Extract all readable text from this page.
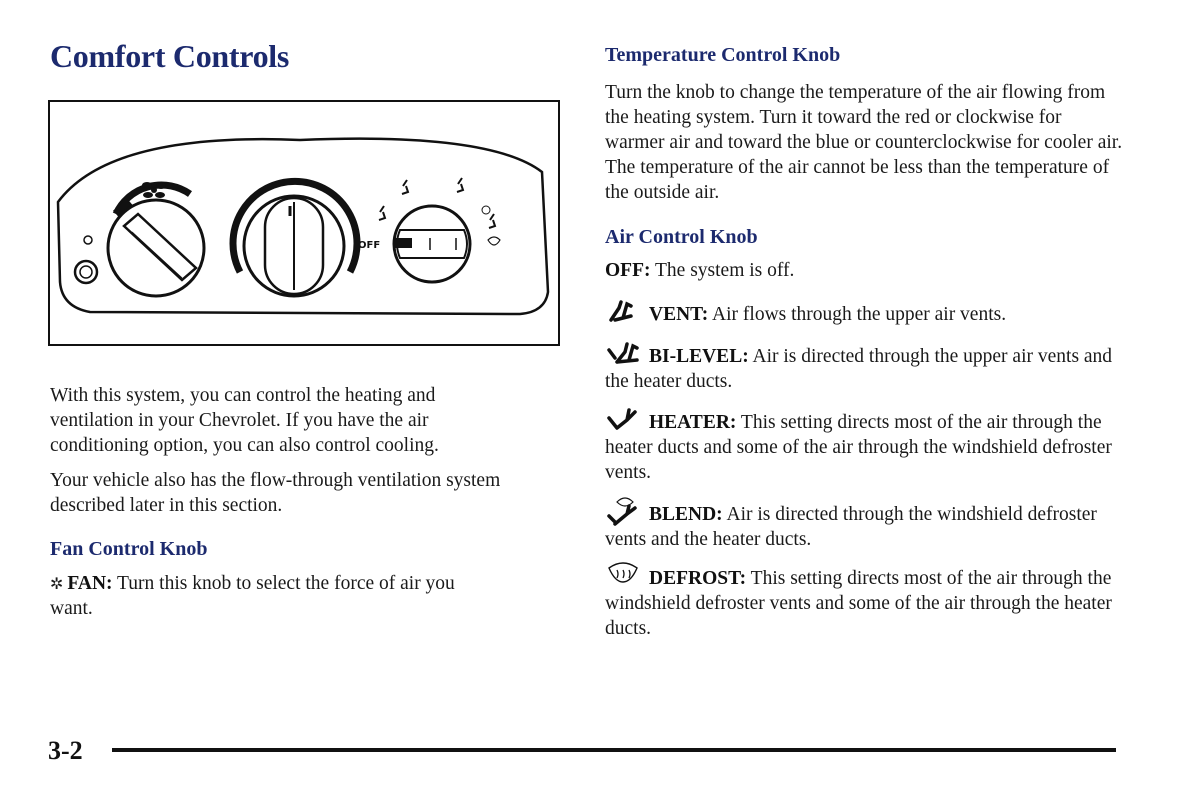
Comfort Controls
OFF

With this system, you can control the heating and ventilation in your Chevrolet. If you have the air conditioning option, you can also control cooling.

Your vehicle also has the flow-through ventilation system described later in this section.

Fan Control Knob

✲ FAN: Turn this knob to select the force of air you want.

Temperature Control Knob

Turn the knob to change the temperature of the air flowing from the heating system. Turn it toward the red or clockwise for warmer air and toward the blue or counterclockwise for cooler air. The temperature of the air cannot be less than the temperature of the outside air.

Air Control Knob

OFF: The system is off.

VENT: Air flows through the upper air vents.

BI-LEVEL: Air is directed through the upper air vents and the heater ducts.

HEATER: This setting directs most of the air through the heater ducts and some of the air through the windshield defroster vents.

BLEND: Air is directed through the windshield defroster vents and the heater ducts.

DEFROST: This setting directs most of the air through the windshield defroster vents and some of the air through the heater ducts.

3-2
